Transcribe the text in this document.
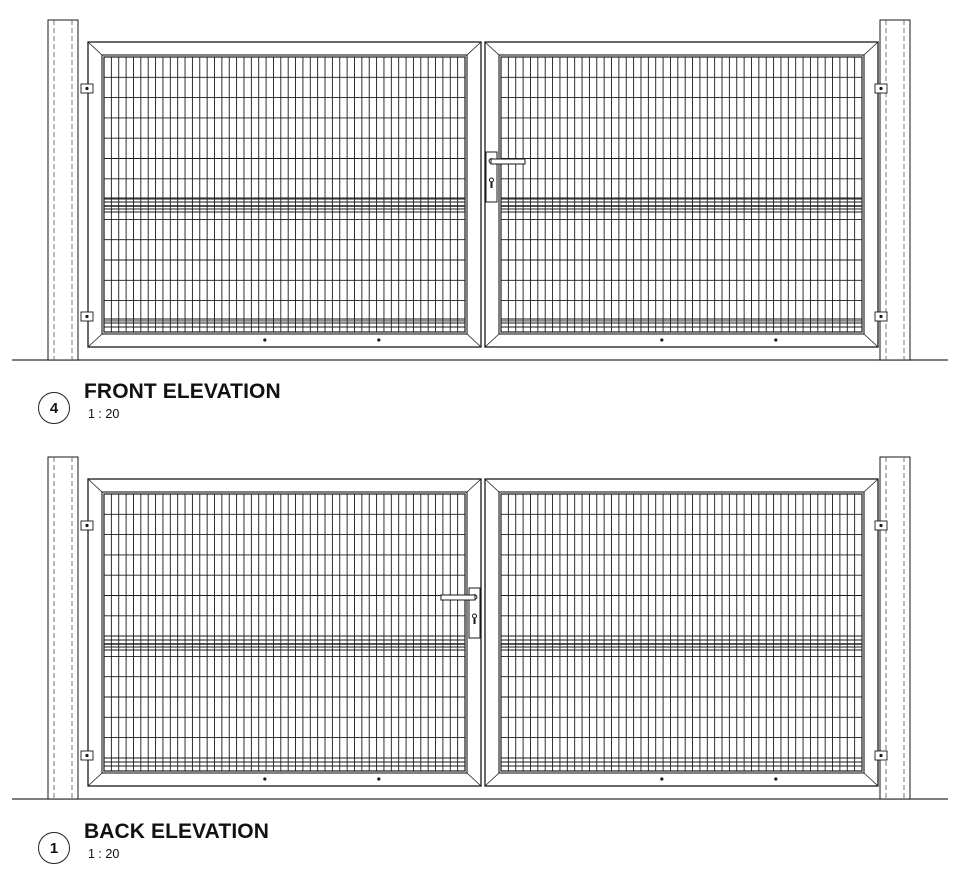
4
FRONT ELEVATION
1 : 20
1
BACK ELEVATION
1 : 20
